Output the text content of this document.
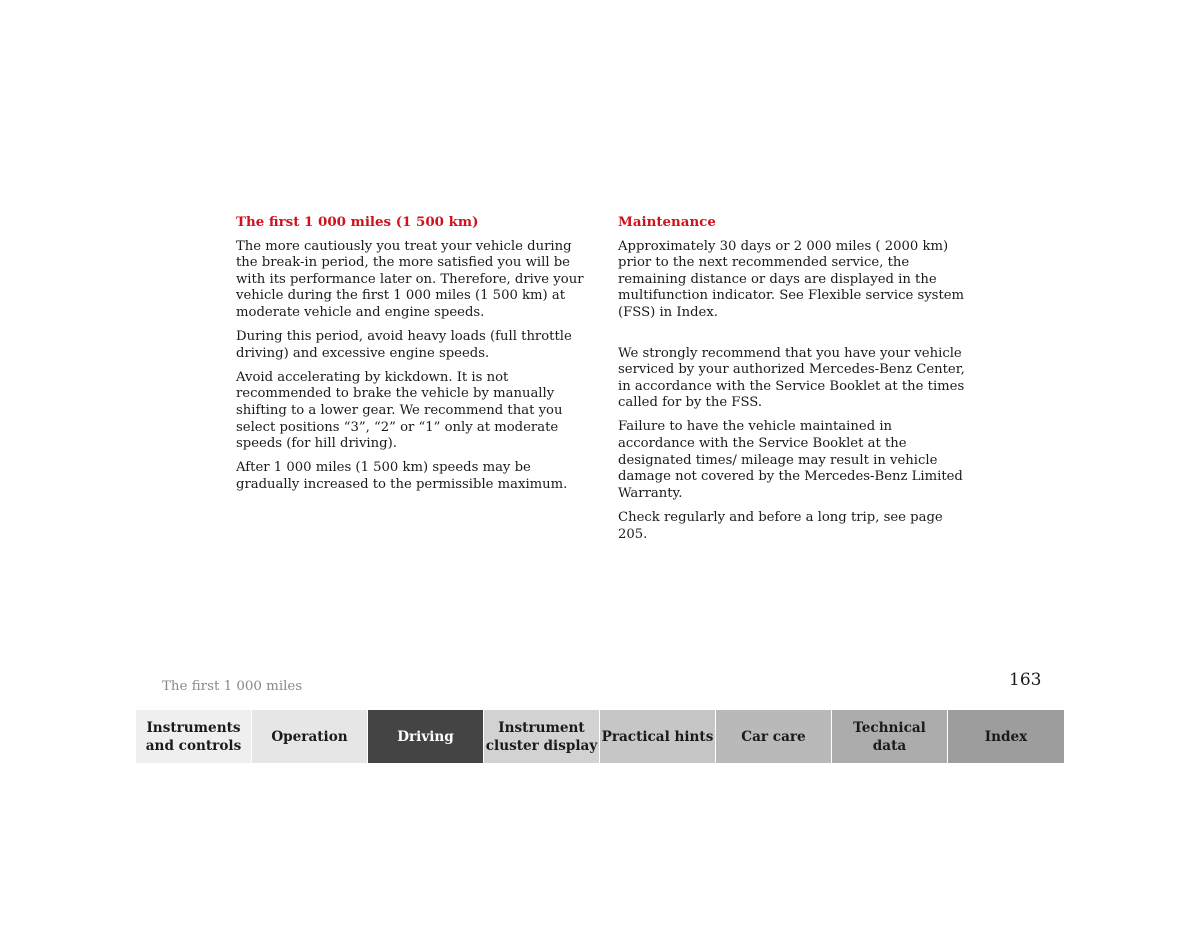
The first 1 000 miles (1 500 km)

The more cautiously you treat your vehicle during the break-in period, the more satisfied you will be with its performance later on. Therefore, drive your vehicle during the first 1 000 miles (1 500 km) at moderate vehicle and engine speeds.

During this period, avoid heavy loads (full throttle driving) and excessive engine speeds.

Avoid accelerating by kickdown. It is not recommended to brake the vehicle by manually shifting to a lower gear. We recommend that you select positions “3”, “2” or “1” only at moderate speeds (for hill driving).

After 1 000 miles (1 500 km) speeds may be gradually increased to the permissible maximum.

Maintenance

Approximately 30 days or 2 000 miles ( 2000 km) prior to the next recommended service, the remaining distance or days are displayed in the multifunction indicator. See Flexible service system (FSS) in Index.

We strongly recommend that you have your vehicle serviced by your authorized Mercedes-Benz Center, in accordance with the Service Booklet at the times called for by the FSS.

Failure to have the vehicle maintained in accordance with the Service Booklet at the designated times/ mileage may result in vehicle damage not covered by the Mercedes-Benz Limited Warranty.

Check regularly and before a long trip, see page 205.

The first 1 000 miles	163
Instruments
and controls
Operation	Driving
Instrument
cluster display
Practical hints	Car care
Technical
data
Index
